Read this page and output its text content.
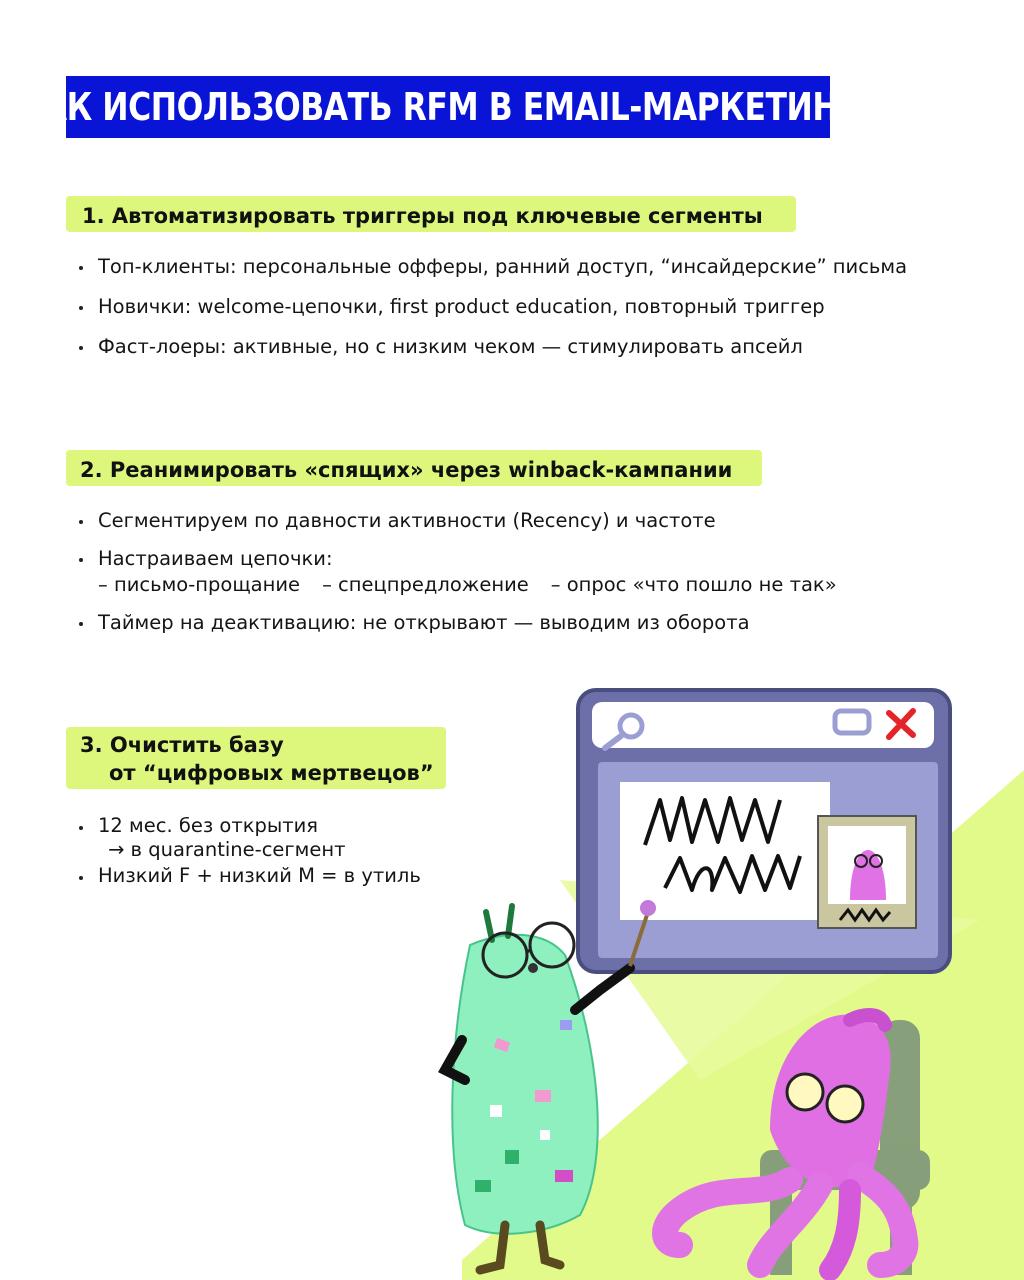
КАК ИСПОЛЬЗОВАТЬ RFM В EMAIL-МАРКЕТИНГЕ
1. Автоматизировать триггеры под ключевые сегменты
Топ-клиенты: персональные офферы, ранний доступ, “инсайдерские” письма
Новички: welcome-цепочки, first product education, повторный триггер
Фаст-лоеры: активные, но с низким чеком — стимулировать апсейл
2. Реанимировать «спящих» через winback-кампании
Сегментируем по давности активности (Recency) и частоте
Настраиваем цепочки:
– письмо-прощание – спецпредложение – опрос «что пошло не так»
Таймер на деактивацию: не открывают — выводим из оборота
3. Очистить базу
от “цифровых мертвецов”
12 мес. без открытия
→ в quarantine-сегмент
Низкий F + низкий M = в утиль
